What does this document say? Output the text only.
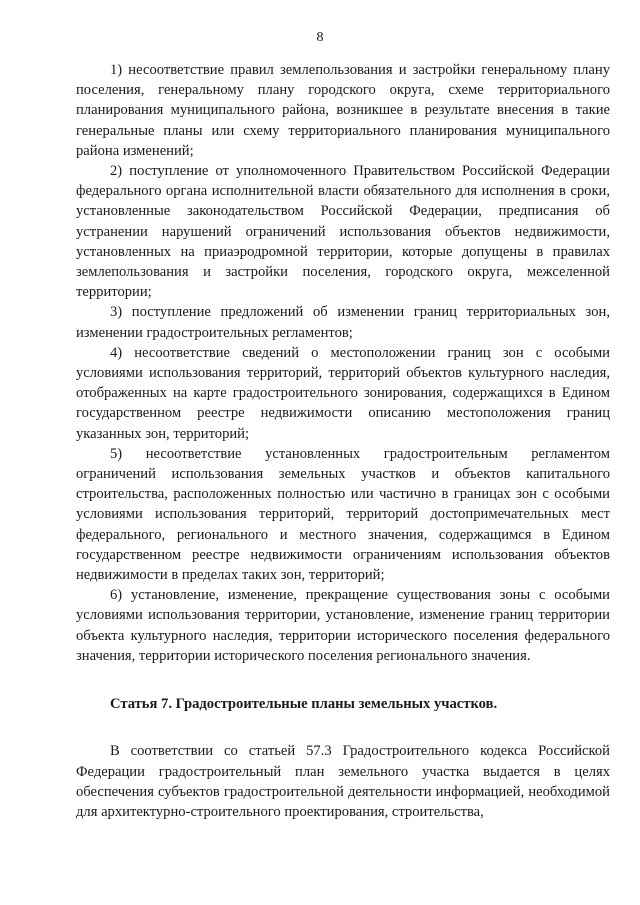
8

1) несоответствие правил землепользования и застройки генеральному плану поселения, генеральному плану городского округа, схеме территориального планирования муниципального района, возникшее в результате внесения в такие генеральные планы или схему территориального планирования муниципального района изменений;

2) поступление от уполномоченного Правительством Российской Федерации федерального органа исполнительной власти обязательного для исполнения в сроки, установленные законодательством Российской Федерации, предписания об устранении нарушений ограничений использования объектов недвижимости, установленных на приаэродромной территории, которые допущены в правилах землепользования и застройки поселения, городского округа, межселенной территории;

3) поступление предложений об изменении границ территориальных зон, изменении градостроительных регламентов;

4) несоответствие сведений о местоположении границ зон с особыми условиями использования территорий, территорий объектов культурного наследия, отображенных на карте градостроительного зонирования, содержащихся в Едином государственном реестре недвижимости описанию местоположения границ указанных зон, территорий;

5) несоответствие установленных градостроительным регламентом ограничений использования земельных участков и объектов капитального строительства, расположенных полностью или частично в границах зон с особыми условиями использования территорий, территорий достопримечательных мест федерального, регионального и местного значения, содержащимся в Едином государственном реестре недвижимости ограничениям использования объектов недвижимости в пределах таких зон, территорий;

6) установление, изменение, прекращение существования зоны с особыми условиями использования территории, установление, изменение границ территории объекта культурного наследия, территории исторического поселения федерального значения, территории исторического поселения регионального значения.

Статья 7. Градостроительные планы земельных участков.

В соответствии со статьей 57.3 Градостроительного кодекса Российской Федерации градостроительный план земельного участка выдается в целях обеспечения субъектов градостроительной деятельности информацией, необходимой для архитектурно-строительного проектирования, строительства,
